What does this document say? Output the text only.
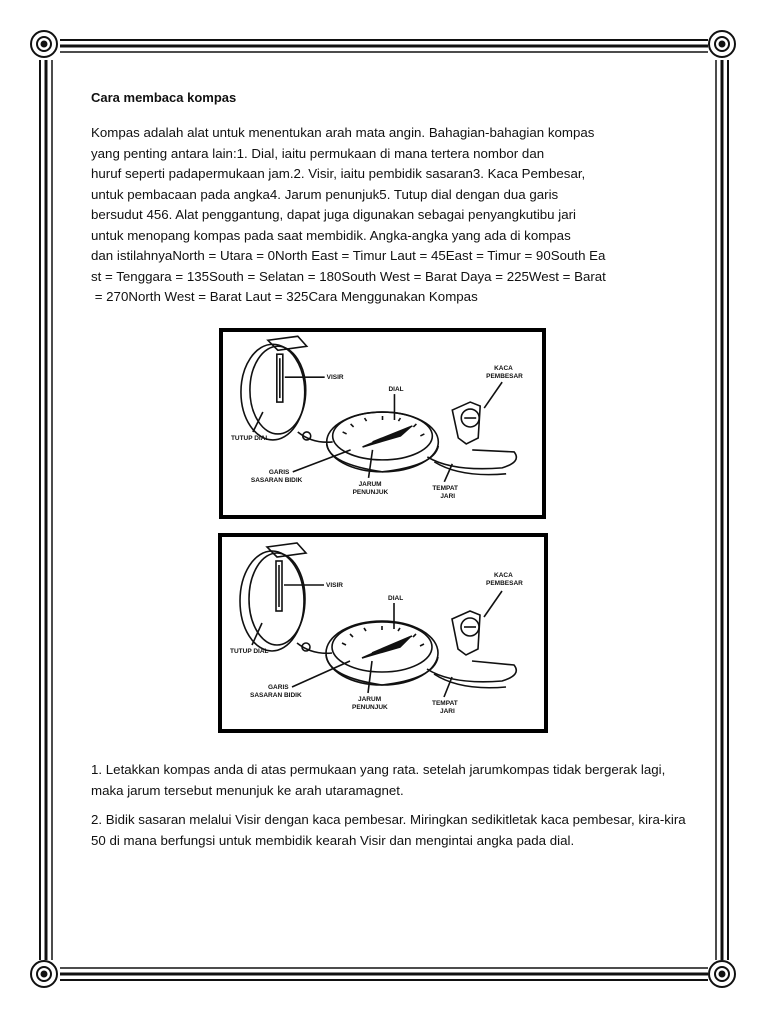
Cara membaca kompas

Kompas adalah alat untuk menentukan arah mata angin. Bahagian-bahagian kompas
yang penting antara lain:1. Dial, iaitu permukaan di mana tertera nombor dan
huruf seperti padapermukaan jam.2. Visir, iaitu pembidik sasaran3. Kaca Pembesar,
untuk pembacaan pada angka4. Jarum penunjuk5. Tutup dial dengan dua garis
bersudut 456. Alat penggantung, dapat juga digunakan sebagai penyangkutibu jari
untuk menopang kompas pada saat membidik. Angka-angka yang ada di kompas
dan istilahnyaNorth = Utara = 0North East = Timur Laut = 45East = Timur = 90South Ea
st = Tenggara = 135South = Selatan = 180South West = Barat Daya = 225West = Barat
= 270North West = Barat Laut = 325Cara Menggunakan Kompas
VISIR
DIAL
KACA
PEMBESAR
TUTUP DIAL
GARIS
SASARAN BIDIK
JARUM
PENUNJUK
TEMPAT
JARI
VISIR
DIAL
KACA
PEMBESAR
TUTUP DIAL
GARIS
SASARAN BIDIK
JARUM
PENUNJUK
TEMPAT
JARI

1. Letakkan kompas anda di atas permukaan yang rata. setelah jarumkompas tidak bergerak lagi, maka jarum tersebut menunjuk ke arah utaramagnet.

2. Bidik sasaran melalui Visir dengan kaca pembesar. Miringkan sedikitletak kaca pembesar, kira-kira 50 di mana berfungsi untuk membidik kearah Visir dan mengintai angka pada dial.
